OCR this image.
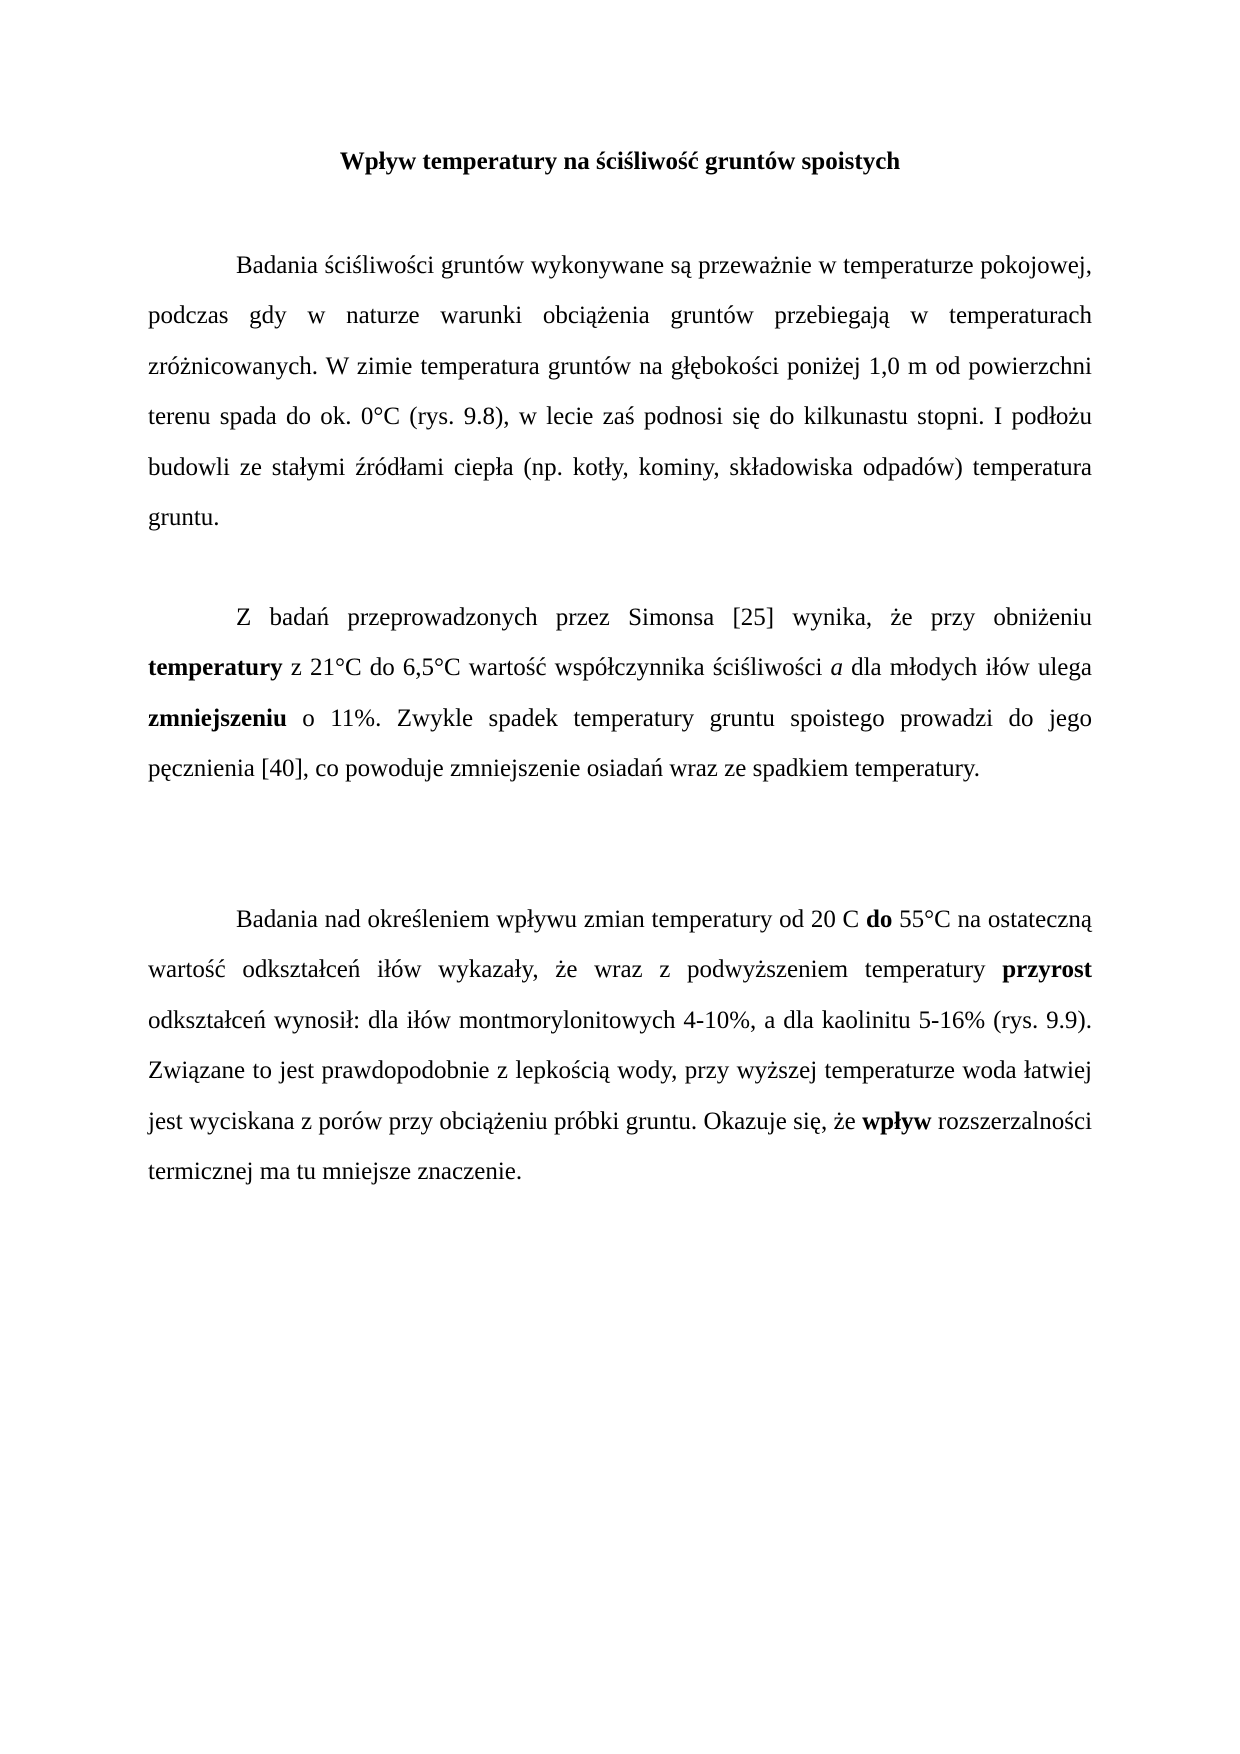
Wpływ temperatury na ściśliwość gruntów spoistych

Badania ściśliwości gruntów wykonywane są przeważnie w temperaturze pokojowej, podczas gdy w naturze warunki obciążenia gruntów przebiegają w temperaturach zróżnicowanych. W zimie temperatura gruntów na głębokości poniżej 1,0 m od powierzchni terenu spada do ok. 0°C (rys. 9.8), w lecie zaś podnosi się do kilkunastu stopni. I podłożu budowli ze stałymi źródłami ciepła (np. kotły, kominy, składowiska odpadów) temperatura gruntu.

Z badań przeprowadzonych przez Simonsa [25] wynika, że przy obniżeniu temperatury z 21°C do 6,5°C wartość współczynnika ściśliwości a dla młodych iłów ulega zmniejszeniu o 11%. Zwykle spadek temperatury gruntu spoistego prowadzi do jego pęcznienia [40], co powoduje zmniejszenie osiadań wraz ze spadkiem temperatury.

Badania nad określeniem wpływu zmian temperatury od 20 C do 55°C na ostateczną wartość odkształceń iłów wykazały, że wraz z podwyższeniem temperatury przyrost odkształceń wynosił: dla iłów montmorylonitowych 4-10%, a dla kaolinitu 5-16% (rys. 9.9). Związane to jest prawdopodobnie z lepkością wody, przy wyższej temperaturze woda łatwiej jest wyciskana z porów przy obciążeniu próbki gruntu. Okazuje się, że wpływ rozszerzalności termicznej ma tu mniejsze znaczenie.
